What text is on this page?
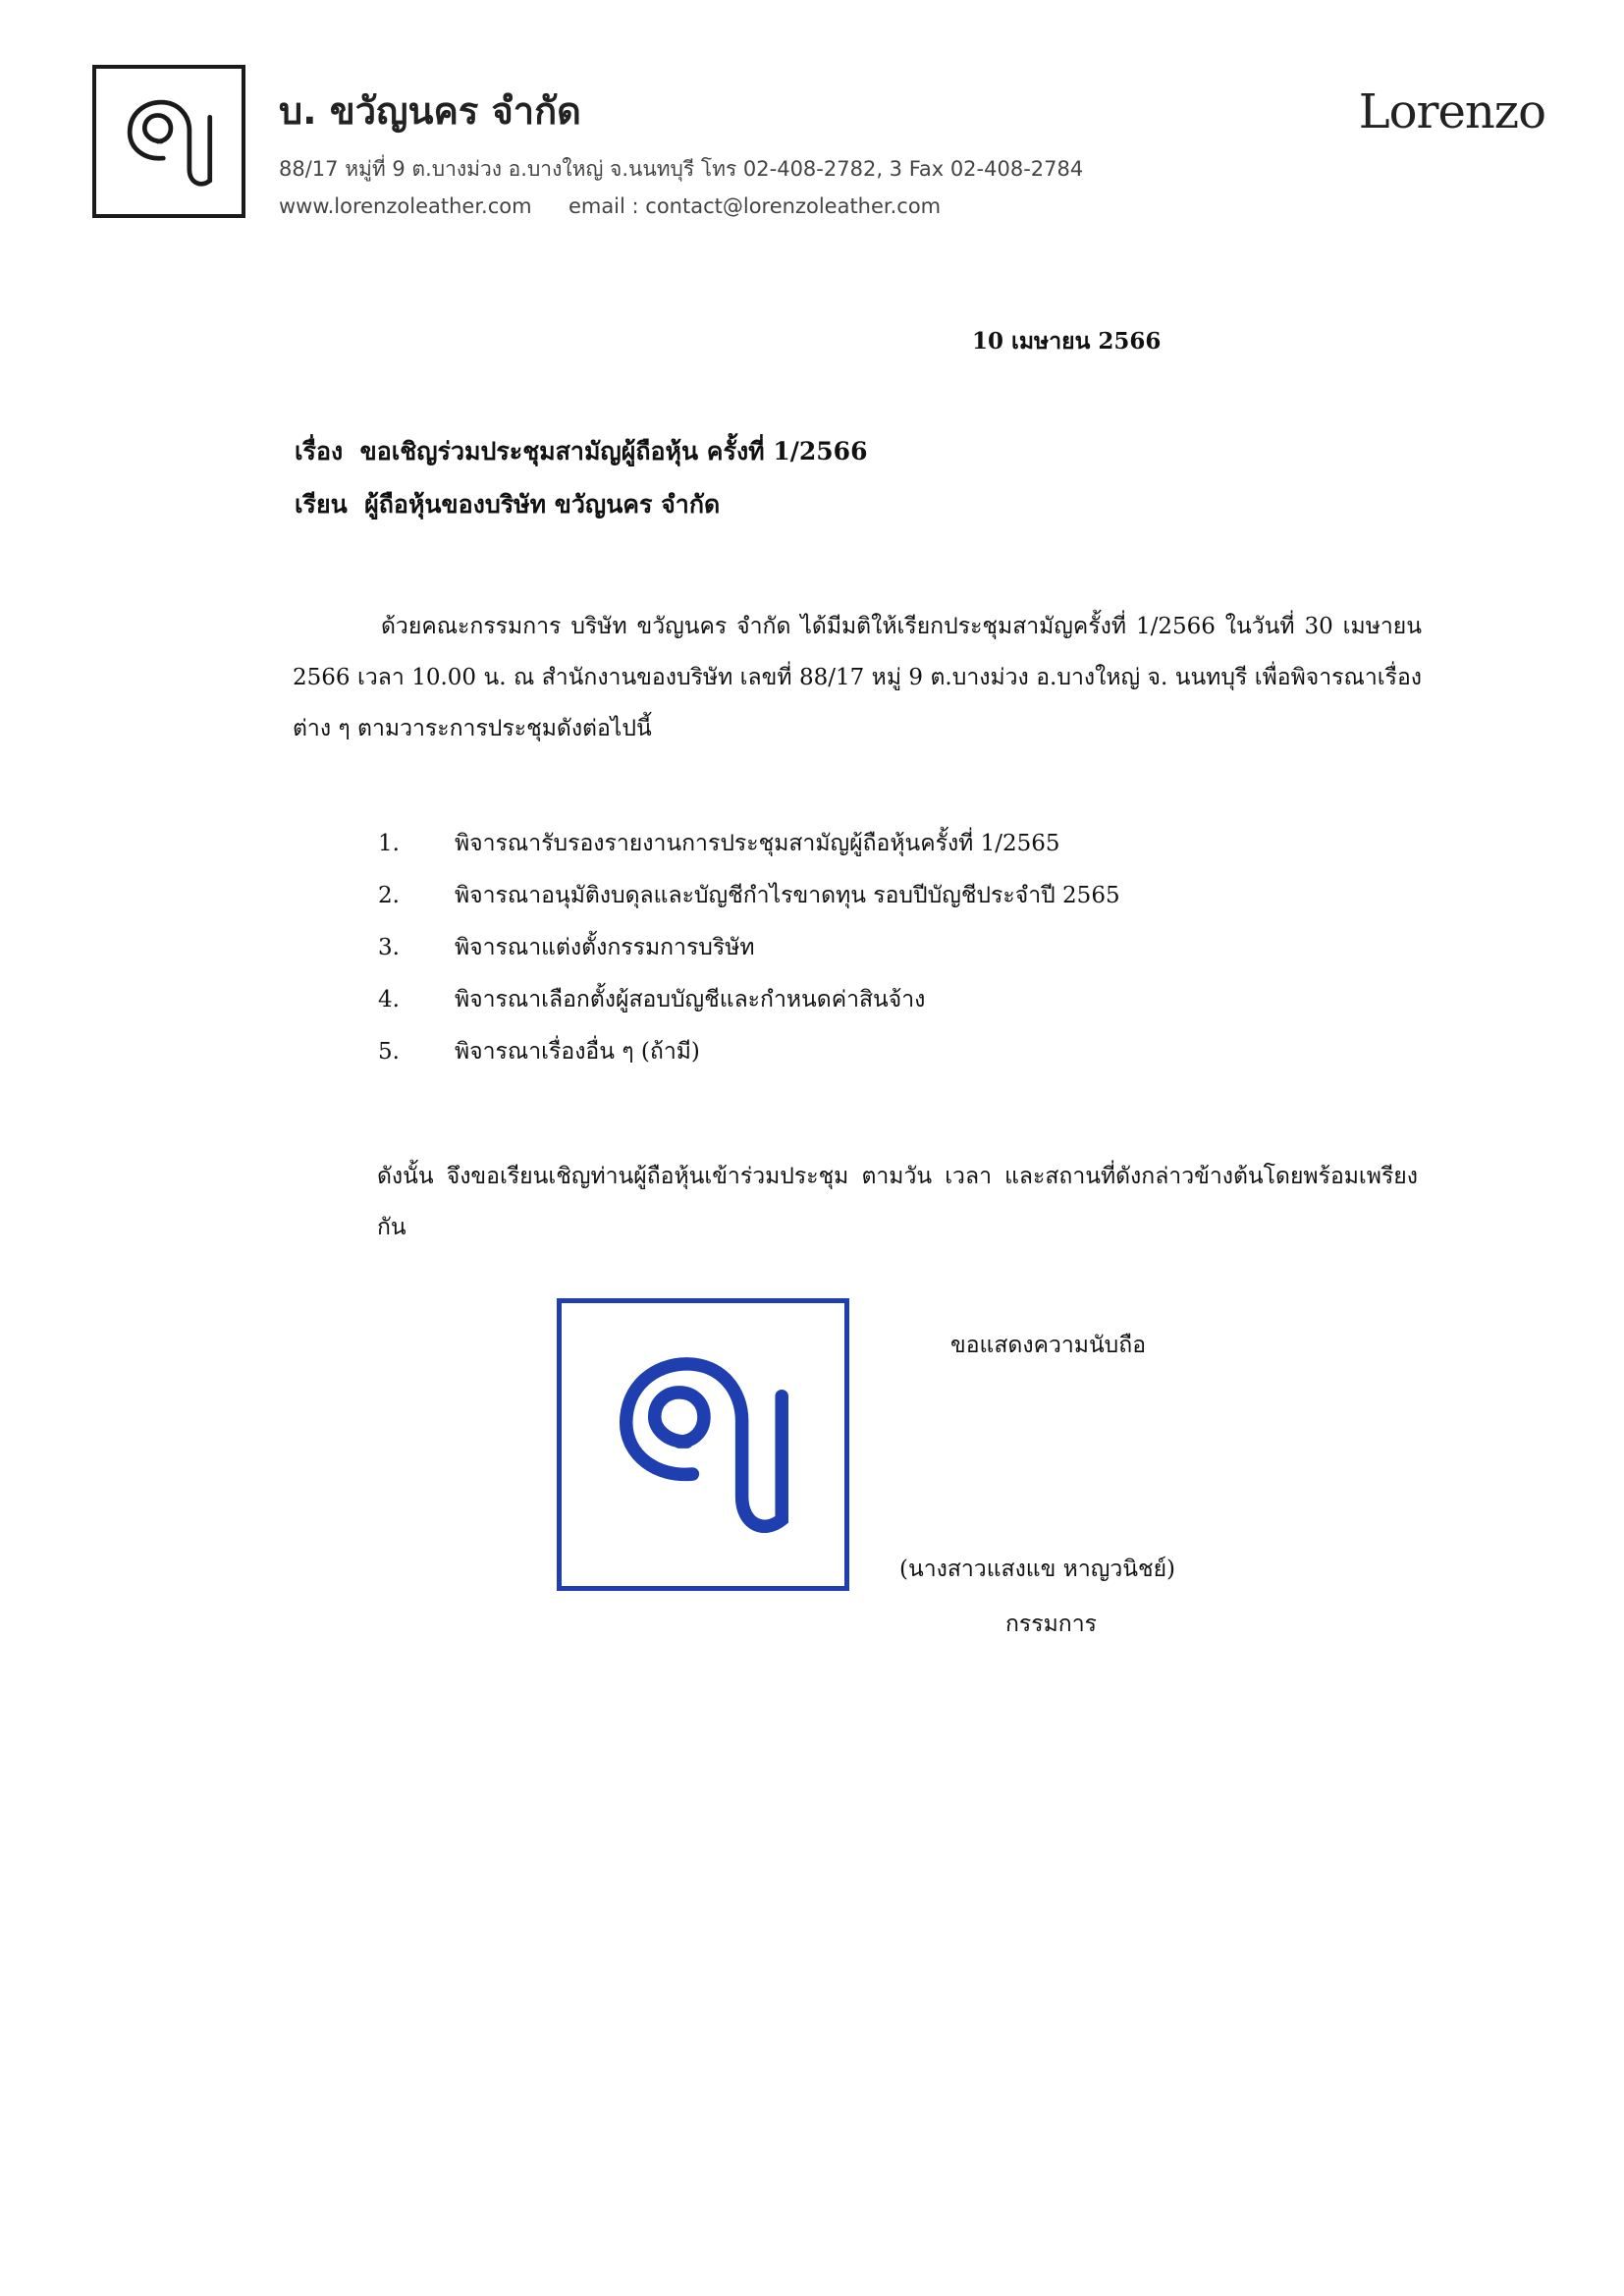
บ. ขวัญนคร จำกัด
88/17 หมู่ที่ 9 ต.บางม่วง อ.บางใหญ่ จ.นนทบุรี โทร 02-408-2782, 3 Fax 02-408-2784
www.lorenzoleather.com email : contact@lorenzoleather.com
Lorenzo
10 เมษายน 2566
เรื่อง ขอเชิญร่วมประชุมสามัญผู้ถือหุ้น ครั้งที่ 1/2566
เรียน ผู้ถือหุ้นของบริษัท ขวัญนคร จำกัด
ด้วยคณะกรรมการ บริษัท ขวัญนคร จำกัด ได้มีมติให้เรียกประชุมสามัญครั้งที่ 1/2566 ในวันที่ 30 เมษายน 2566 เวลา 10.00 น. ณ สำนักงานของบริษัท เลขที่ 88/17 หมู่ 9 ต.บางม่วง อ.บางใหญ่ จ. นนทบุรี เพื่อพิจารณาเรื่องต่าง ๆ ตามวาระการประชุมดังต่อไปนี้
1.	พิจารณารับรองรายงานการประชุมสามัญผู้ถือหุ้นครั้งที่ 1/2565
2.	พิจารณาอนุมัติงบดุลและบัญชีกำไรขาดทุน รอบปีบัญชีประจำปี 2565
3.	พิจารณาแต่งตั้งกรรมการบริษัท
4.	พิจารณาเลือกตั้งผู้สอบบัญชีและกำหนดค่าสินจ้าง
5.	พิจารณาเรื่องอื่น ๆ (ถ้ามี)
ดังนั้น จึงขอเรียนเชิญท่านผู้ถือหุ้นเข้าร่วมประชุม ตามวัน เวลา และสถานที่ดังกล่าวข้างต้นโดยพร้อมเพรียงกัน
ขอแสดงความนับถือ
(นางสาวแสงแข หาญวนิชย์)
กรรมการ
